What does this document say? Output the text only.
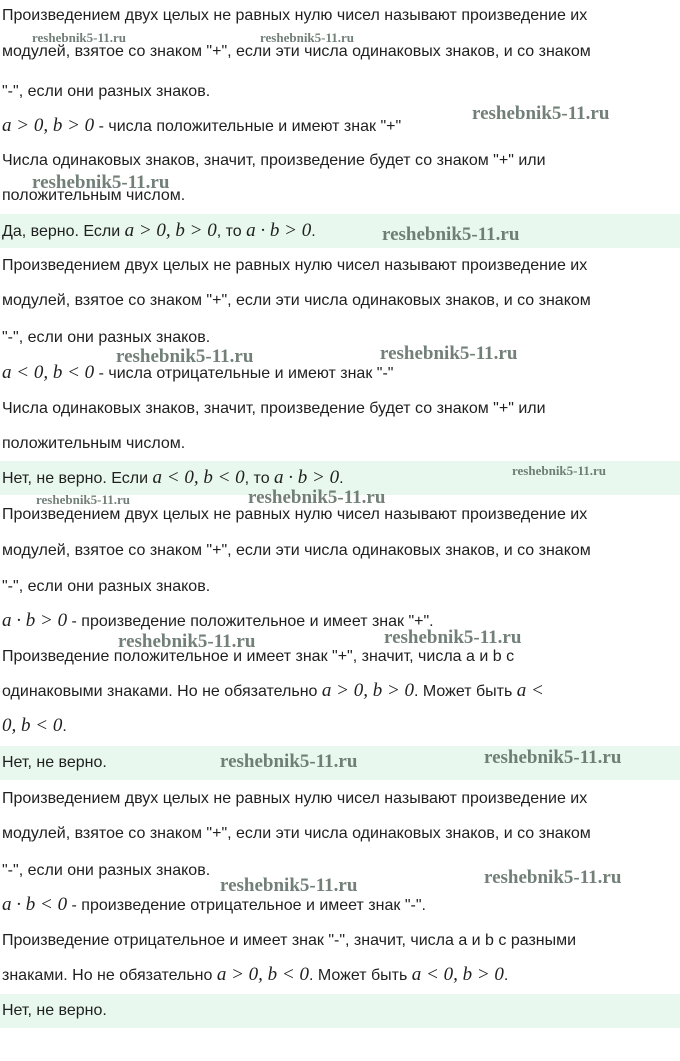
Произведением двух целых не равных нулю чисел называют произведение их
модулей, взятое со знаком "+", если эти числа одинаковых знаков, и со знаком
"-", если они разных знаков.
a > 0, b > 0 - числа положительные и имеют знак "+"
Числа одинаковых знаков, значит, произведение будет со знаком "+" или
положительным числом.
Да, верно. Если a > 0, b > 0, то a · b > 0.
Произведением двух целых не равных нулю чисел называют произведение их
модулей, взятое со знаком "+", если эти числа одинаковых знаков, и со знаком
"-", если они разных знаков.
a < 0, b < 0 - числа отрицательные и имеют знак "-"
Числа одинаковых знаков, значит, произведение будет со знаком "+" или
положительным числом.
Нет, не верно. Если a < 0, b < 0, то a · b > 0.
Произведением двух целых не равных нулю чисел называют произведение их
модулей, взятое со знаком "+", если эти числа одинаковых знаков, и со знаком
"-", если они разных знаков.
a · b > 0 - произведение положительное и имеет знак "+".
Произведение положительное и имеет знак "+", значит, числа a и b с
одинаковыми знаками. Но не обязательно a > 0, b > 0. Может быть a <
0, b < 0.
Нет, не верно.
Произведением двух целых не равных нулю чисел называют произведение их
модулей, взятое со знаком "+", если эти числа одинаковых знаков, и со знаком
"-", если они разных знаков.
a · b < 0 - произведение отрицательное и имеет знак "-".
Произведение отрицательное и имеет знак "-", значит, числа a и b с разными
знаками. Но не обязательно a > 0, b < 0. Может быть a < 0, b > 0.
Нет, не верно.
reshebnik5-11.ru	reshebnik5-11.ru
reshebnik5-11.ru
reshebnik5-11.ru
reshebnik5-11.ru
reshebnik5-11.ru	reshebnik5-11.ru
reshebnik5-11.ru
reshebnik5-11.ru	reshebnik5-11.ru
reshebnik5-11.ru	reshebnik5-11.ru
reshebnik5-11.ru	reshebnik5-11.ru
reshebnik5-11.ru	reshebnik5-11.ru
